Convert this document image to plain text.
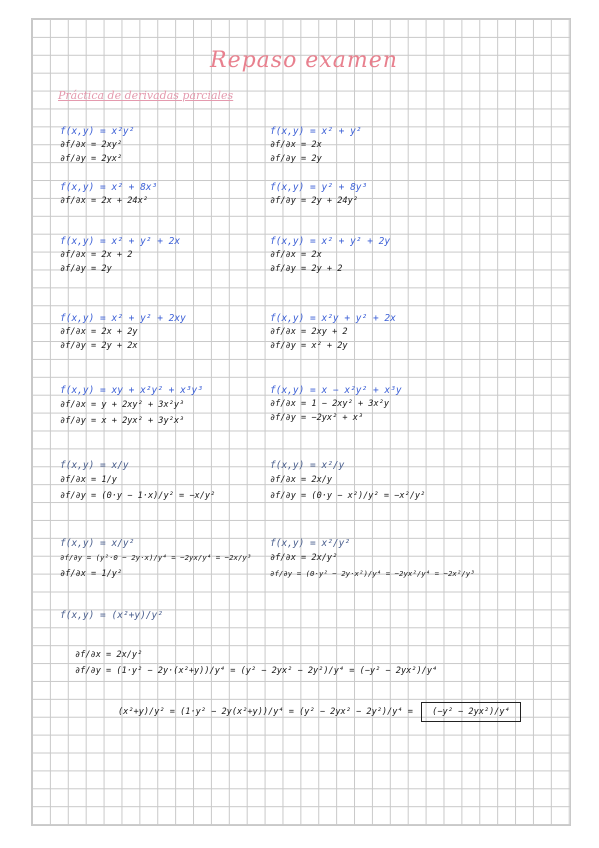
Repaso examen
Práctica de derivadas parciales
f(x,y) = x²y²
∂f/∂x = 2xy²
∂f/∂y = 2yx²
f(x,y) = x² + y²
∂f/∂x = 2x
∂f/∂y = 2y
f(x,y) = x² + 8x³
∂f/∂x = 2x + 24x²
f(x,y) = y² + 8y³
∂f/∂y = 2y + 24y²
f(x,y) = x² + y² + 2x
∂f/∂x = 2x + 2
∂f/∂y = 2y
f(x,y) = x² + y² + 2y
∂f/∂x = 2x
∂f/∂y = 2y + 2
f(x,y) = x² + y² + 2xy
∂f/∂x = 2x + 2y
∂f/∂y = 2y + 2x
f(x,y) = x²y + y² + 2x
∂f/∂x = 2xy + 2
∂f/∂y = x² + 2y
f(x,y) = xy + x²y² + x³y³
∂f/∂x = y + 2xy² + 3x²y³
∂f/∂y = x + 2yx² + 3y²x³
f(x,y) = x − x²y² + x³y
∂f/∂x = 1 − 2xy² + 3x²y
∂f/∂y = −2yx² + x³
f(x,y) = x/y
∂f/∂x = 1/y
∂f/∂y = (0·y − 1·x)/y² = −x/y²
f(x,y) = x²/y
∂f/∂x = 2x/y
∂f/∂y = (0·y − x²)/y² = −x²/y²
f(x,y) = x/y²
∂f/∂y = (y²·0 − 2y·x)/y⁴ = −2yx/y⁴ = −2x/y³
∂f/∂x = 1/y²
f(x,y) = x²/y²
∂f/∂x = 2x/y²
∂f/∂y = (0·y² − 2y·x²)/y⁴ = −2yx²/y⁴ = −2x²/y³
f(x,y) = (x²+y)/y²
∂f/∂x = 2x/y²
∂f/∂y = (1·y² − 2y·(x²+y))/y⁴ = (y² − 2yx² − 2y²)/y⁴ = (−y² − 2yx²)/y⁴
(x²+y)/y² = (1·y² − 2y(x²+y))/y⁴ = (y² − 2yx² − 2y²)/y⁴ = (−y² − 2yx²)/y⁴
